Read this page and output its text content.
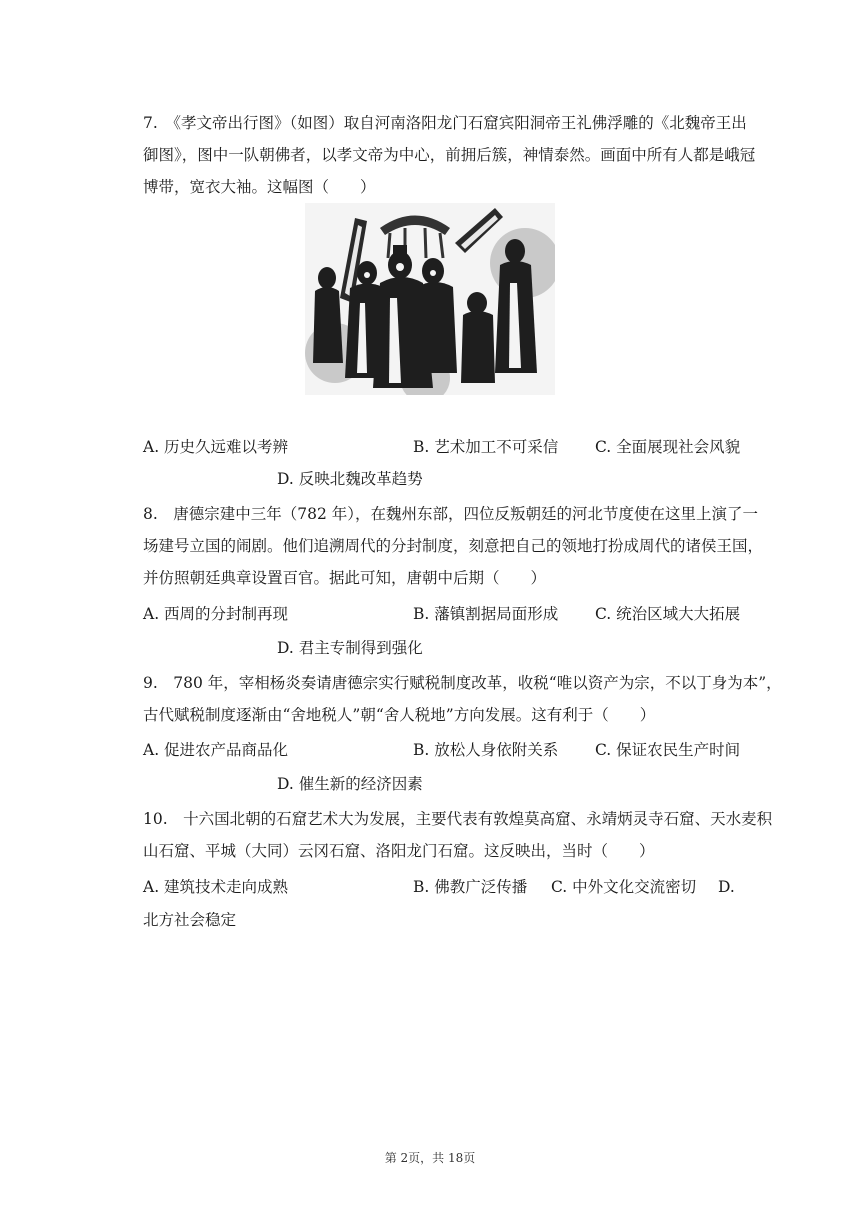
7.　《孝文帝出行图》（如图）取自河南洛阳龙门石窟宾阳洞帝王礼佛浮雕的《北魏帝王出
御图》，图中一队朝佛者，以孝文帝为中心，前拥后簇，神情泰然。画面中所有人都是峨冠
博带，宽衣大袖。这幅图（　　）
A. 历史久远难以考辨	B. 艺术加工不可采信 C. 全面展现社会风貌
D. 反映北魏改革趋势
8.　唐德宗建中三年（782 年），在魏州东部，四位反叛朝廷的河北节度使在这里上演了一
场建号立国的闹剧。他们追溯周代的分封制度，刻意把自己的领地打扮成周代的诸侯王国，
并仿照朝廷典章设置百官。据此可知，唐朝中后期（　　）
A. 西周的分封制再现	B. 藩镇割据局面形成 C. 统治区域大大拓展
D. 君主专制得到强化
9.　780 年，宰相杨炎奏请唐德宗实行赋税制度改革，收税“唯以资产为宗，不以丁身为本”，
古代赋税制度逐渐由“舍地税人”朝“舍人税地”方向发展。这有利于（　　）
A. 促进农产品商品化	B. 放松人身依附关系 C. 保证农民生产时间
D. 催生新的经济因素
10.　十六国北朝的石窟艺术大为发展，主要代表有敦煌莫高窟、永靖炳灵寺石窟、天水麦积
山石窟、平城（大同）云冈石窟、洛阳龙门石窟。这反映出，当时（　　）
A. 建筑技术走向成熟	B. 佛教广泛传播 C. 中外文化交流密切 D.
北方社会稳定
第 2页，共 18页
